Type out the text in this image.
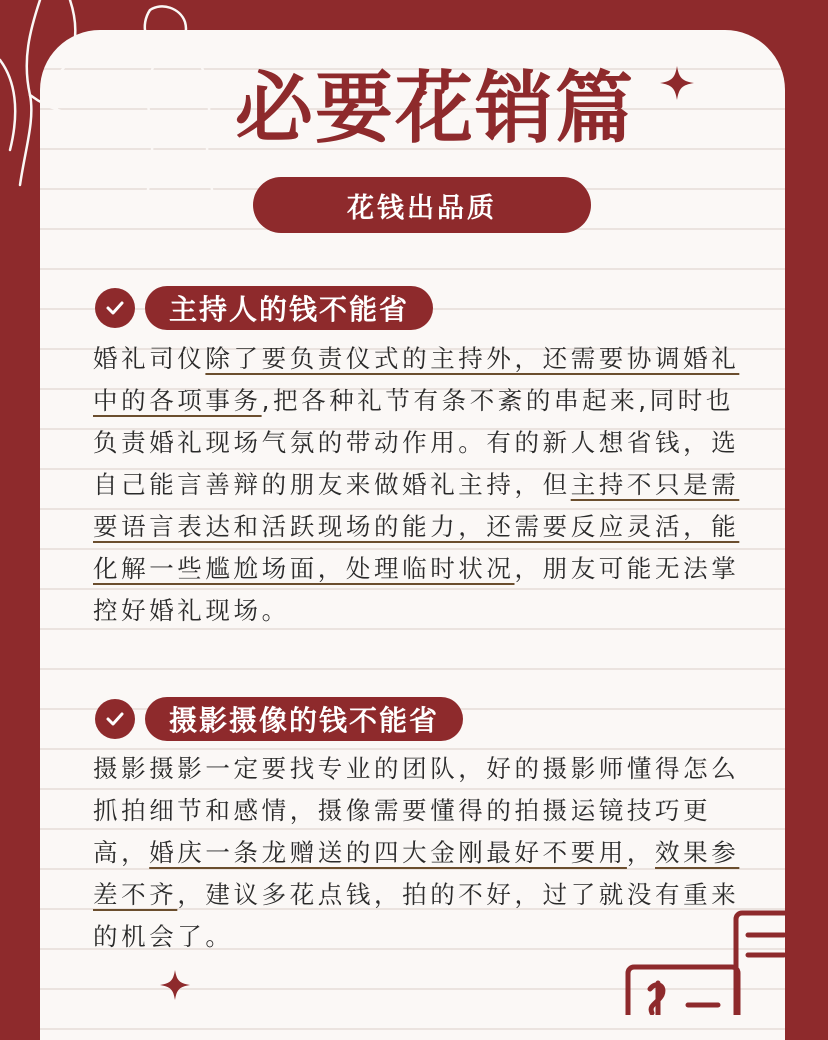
必要花销篇
花钱出品质
主持人的钱不能省
婚礼司仪除了要负责仪式的主持外，还需要协调婚礼中的各项事务,把各种礼节有条不紊的串起来,同时也负责婚礼现场气氛的带动作用。有的新人想省钱，选自己能言善辩的朋友来做婚礼主持，但主持不只是需要语言表达和活跃现场的能力，还需要反应灵活，能化解一些尴尬场面，处理临时状况，朋友可能无法掌控好婚礼现场。
摄影摄像的钱不能省
摄影摄影一定要找专业的团队，好的摄影师懂得怎么抓拍细节和感情，摄像需要懂得的拍摄运镜技巧更高，婚庆一条龙赠送的四大金刚最好不要用，效果参差不齐，建议多花点钱，拍的不好，过了就没有重来的机会了。
